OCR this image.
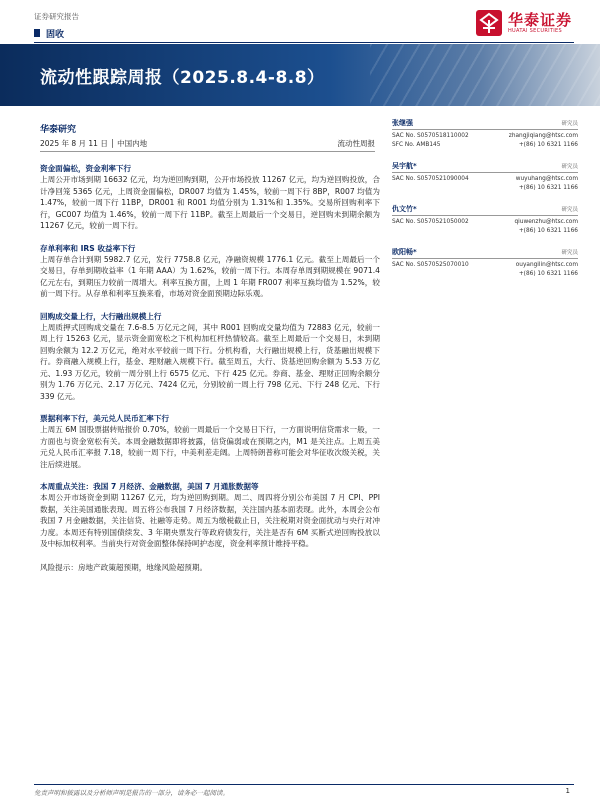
证券研究报告
固收
华泰证券
HUATAI SECURITIES
流动性跟踪周报（2025.8.4-8.8）
华泰研究
2025 年 8 月 11 日 │ 中国内地	流动性周报
资金面偏松，资金利率下行
上周公开市场到期 16632 亿元，均为逆回购到期，公开市场投放 11267 亿元，均为逆回购投放，合计净回笼 5365 亿元，上周资金面偏松，DR007 均值为 1.45%，较前一周下行 8BP，R007 均值为 1.47%，较前一周下行 11BP，DR001 和 R001 均值分别为 1.31%和 1.35%。交易所回购利率下行，GC007 均值为 1.46%，较前一周下行 11BP。截至上周最后一个交易日，逆回购未到期余额为 11267 亿元，较前一周下行。
存单利率和 IRS 收益率下行
上周存单合计到期 5982.7 亿元，发行 7758.8 亿元，净融资规模 1776.1 亿元。截至上周最后一个交易日，存单到期收益率（1 年期 AAA）为 1.62%，较前一周下行。本周存单周到期规模在 9071.4 亿元左右，到期压力较前一周增大。利率互换方面，上周 1 年期 FR007 利率互换均值为 1.52%，较前一周下行。从存单和利率互换来看，市场对资金面预期边际乐观。
回购成交量上行，大行融出规模上行
上周质押式回购成交量在 7.6-8.5 万亿元之间，其中 R001 回购成交量均值为 72883 亿元，较前一周上行 15263 亿元，显示资金面宽松之下机构加杠杆热情较高。截至上周最后一个交易日，未到期回购余额为 12.2 万亿元，绝对水平较前一周下行。分机构看，大行融出规模上行，货基融出规模下行。券商融入规模上行，基金、理财融入规模下行。截至周五，大行、货基逆回购余额为 5.53 万亿元、1.93 万亿元，较前一周分别上行 6575 亿元、下行 425 亿元。券商、基金、理财正回购余额分别为 1.76 万亿元、2.17 万亿元、7424 亿元，分别较前一周上行 798 亿元、下行 248 亿元、下行 339 亿元。
票据利率下行，美元兑人民币汇率下行
上周五 6M 国股票据转贴报价 0.70%，较前一周最后一个交易日下行，一方面说明信贷需求一般，一方面也与资金宽松有关。本周金融数据即将披露，信贷偏弱或在预期之内，M1 是关注点。上周五美元兑人民币汇率报 7.18，较前一周下行，中美利差走阔。上周特朗普称可能会对华征收次级关税，关注后续进展。
本周重点关注：我国 7 月经济、金融数据，美国 7 月通胀数据等
本周公开市场资金到期 11267 亿元，均为逆回购到期。周二、周四将分别公布美国 7 月 CPI、PPI 数据，关注美国通胀表现。周五将公布我国 7 月经济数据，关注国内基本面表现。此外，本周会公布我国 7 月金融数据，关注信贷、社融等走势。周五为缴税截止日，关注税期对资金面扰动与央行对冲力度。本周还有特别国债续发、3 年期央票发行等政府债发行，关注是否有 6M 买断式逆回购投放以及中标加权利率。当前央行对资金面整体保持呵护态度，资金利率预计维持平稳。
风险提示：房地产政策超预期，地缘风险超预期。
张继强	研究员
SAC No. S0570518110002	zhangjiqiang@htsc.com
SFC No. AMB145	+(86) 10 6321 1166
吴宇航*	研究员
SAC No. S0570521090004	wuyuhang@htsc.com
+(86) 10 6321 1166
仇文竹*	研究员
SAC No. S0570521050002	qiuwenzhu@htsc.com
+(86) 10 6321 1166
欧阳畅*	研究员
SAC No. S0570525070010	ouyangilin@htsc.com
+(86) 10 6321 1166
免责声明和披露以及分析师声明是报告的一部分，请务必一起阅读。	1
